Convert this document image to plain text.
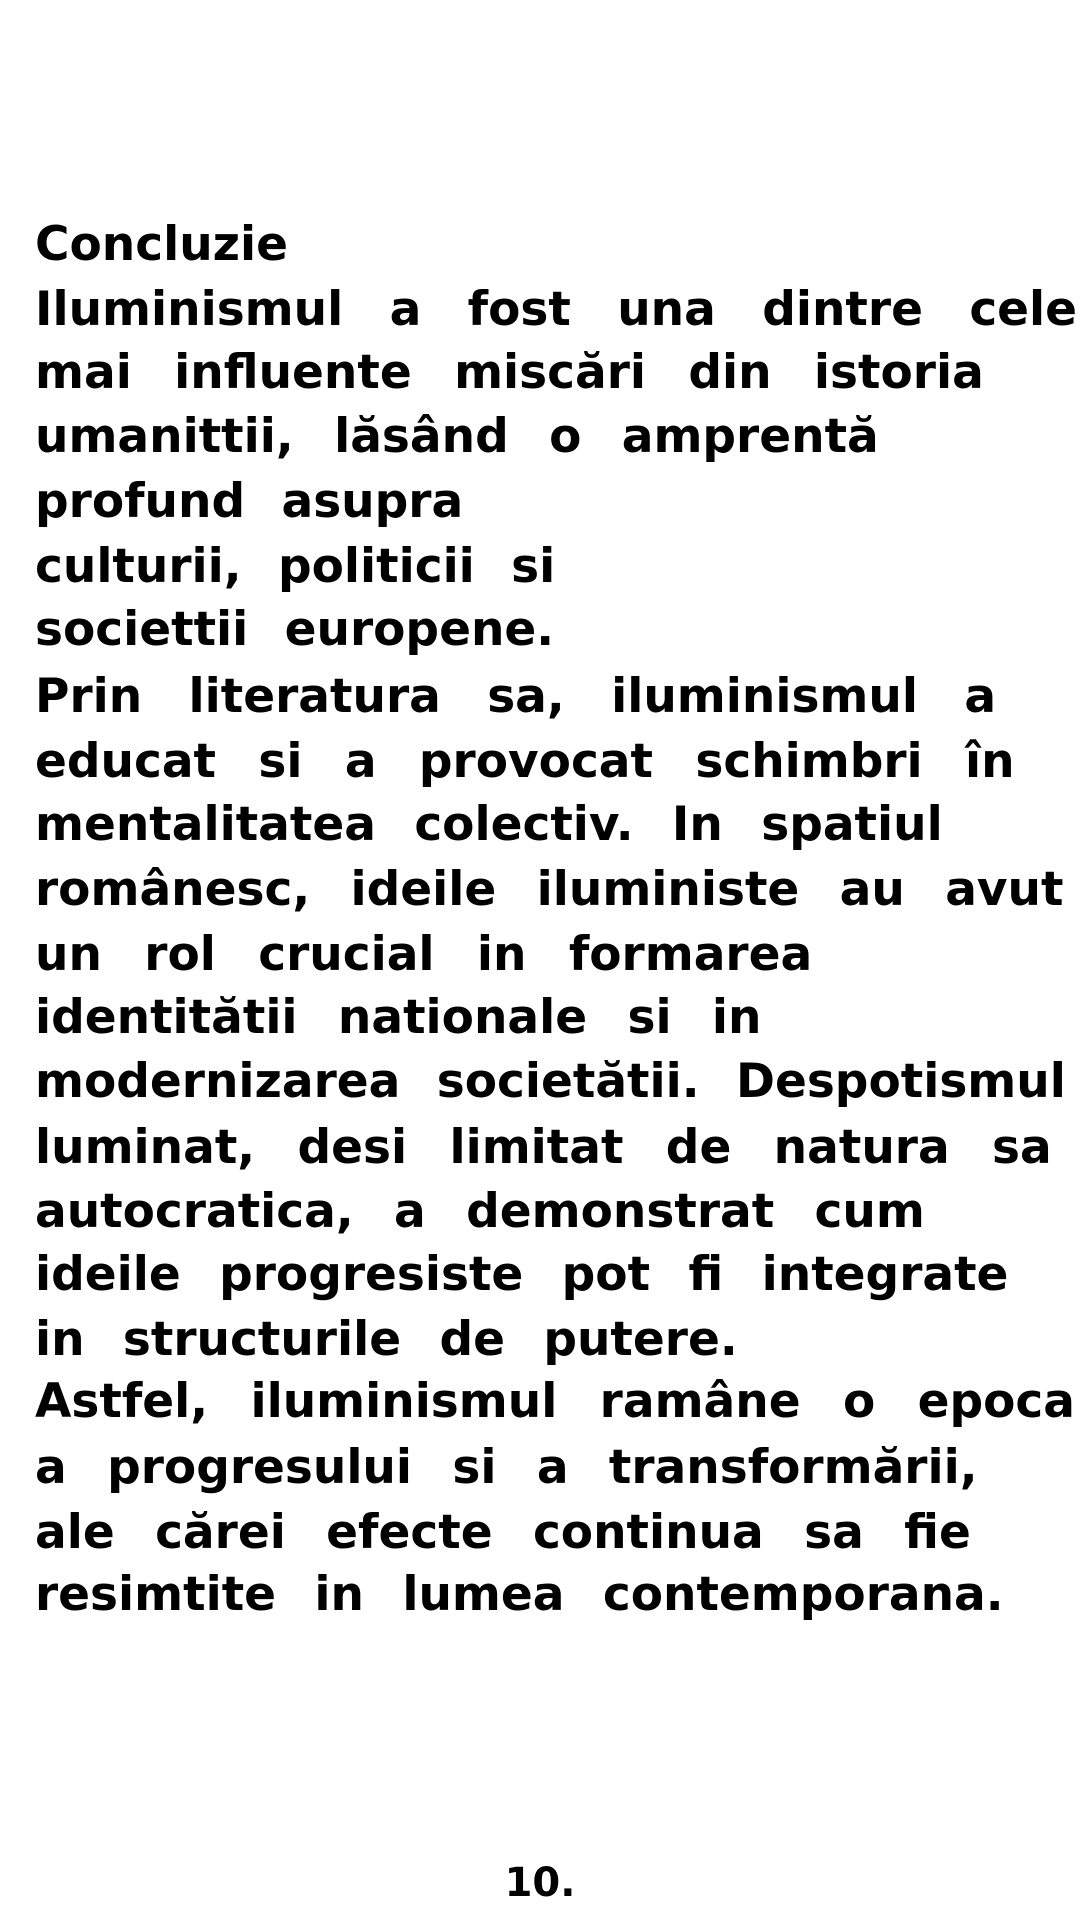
Concluzie
Iluminismul a fost una dintre cele
mai influente miscări din istoria
umanittii, lăsând o amprentă
profund asupra
culturii, politicii si
societtii europene.
Prin literatura sa, iluminismul a
educat si a provocat schimbri în
mentalitatea colectiv. In spatiul
românesc, ideile iluministe au avut
un rol crucial in formarea
identitătii nationale si in
modernizarea societătii. Despotismul
luminat, desi limitat de natura sa
autocratica, a demonstrat cum
ideile progresiste pot fi integrate
in structurile de putere.
Astfel, iluminismul ramâne o epoca
a progresului si a transformării,
ale cărei efecte continua sa fie
resimtite in lumea contemporana.
10.
